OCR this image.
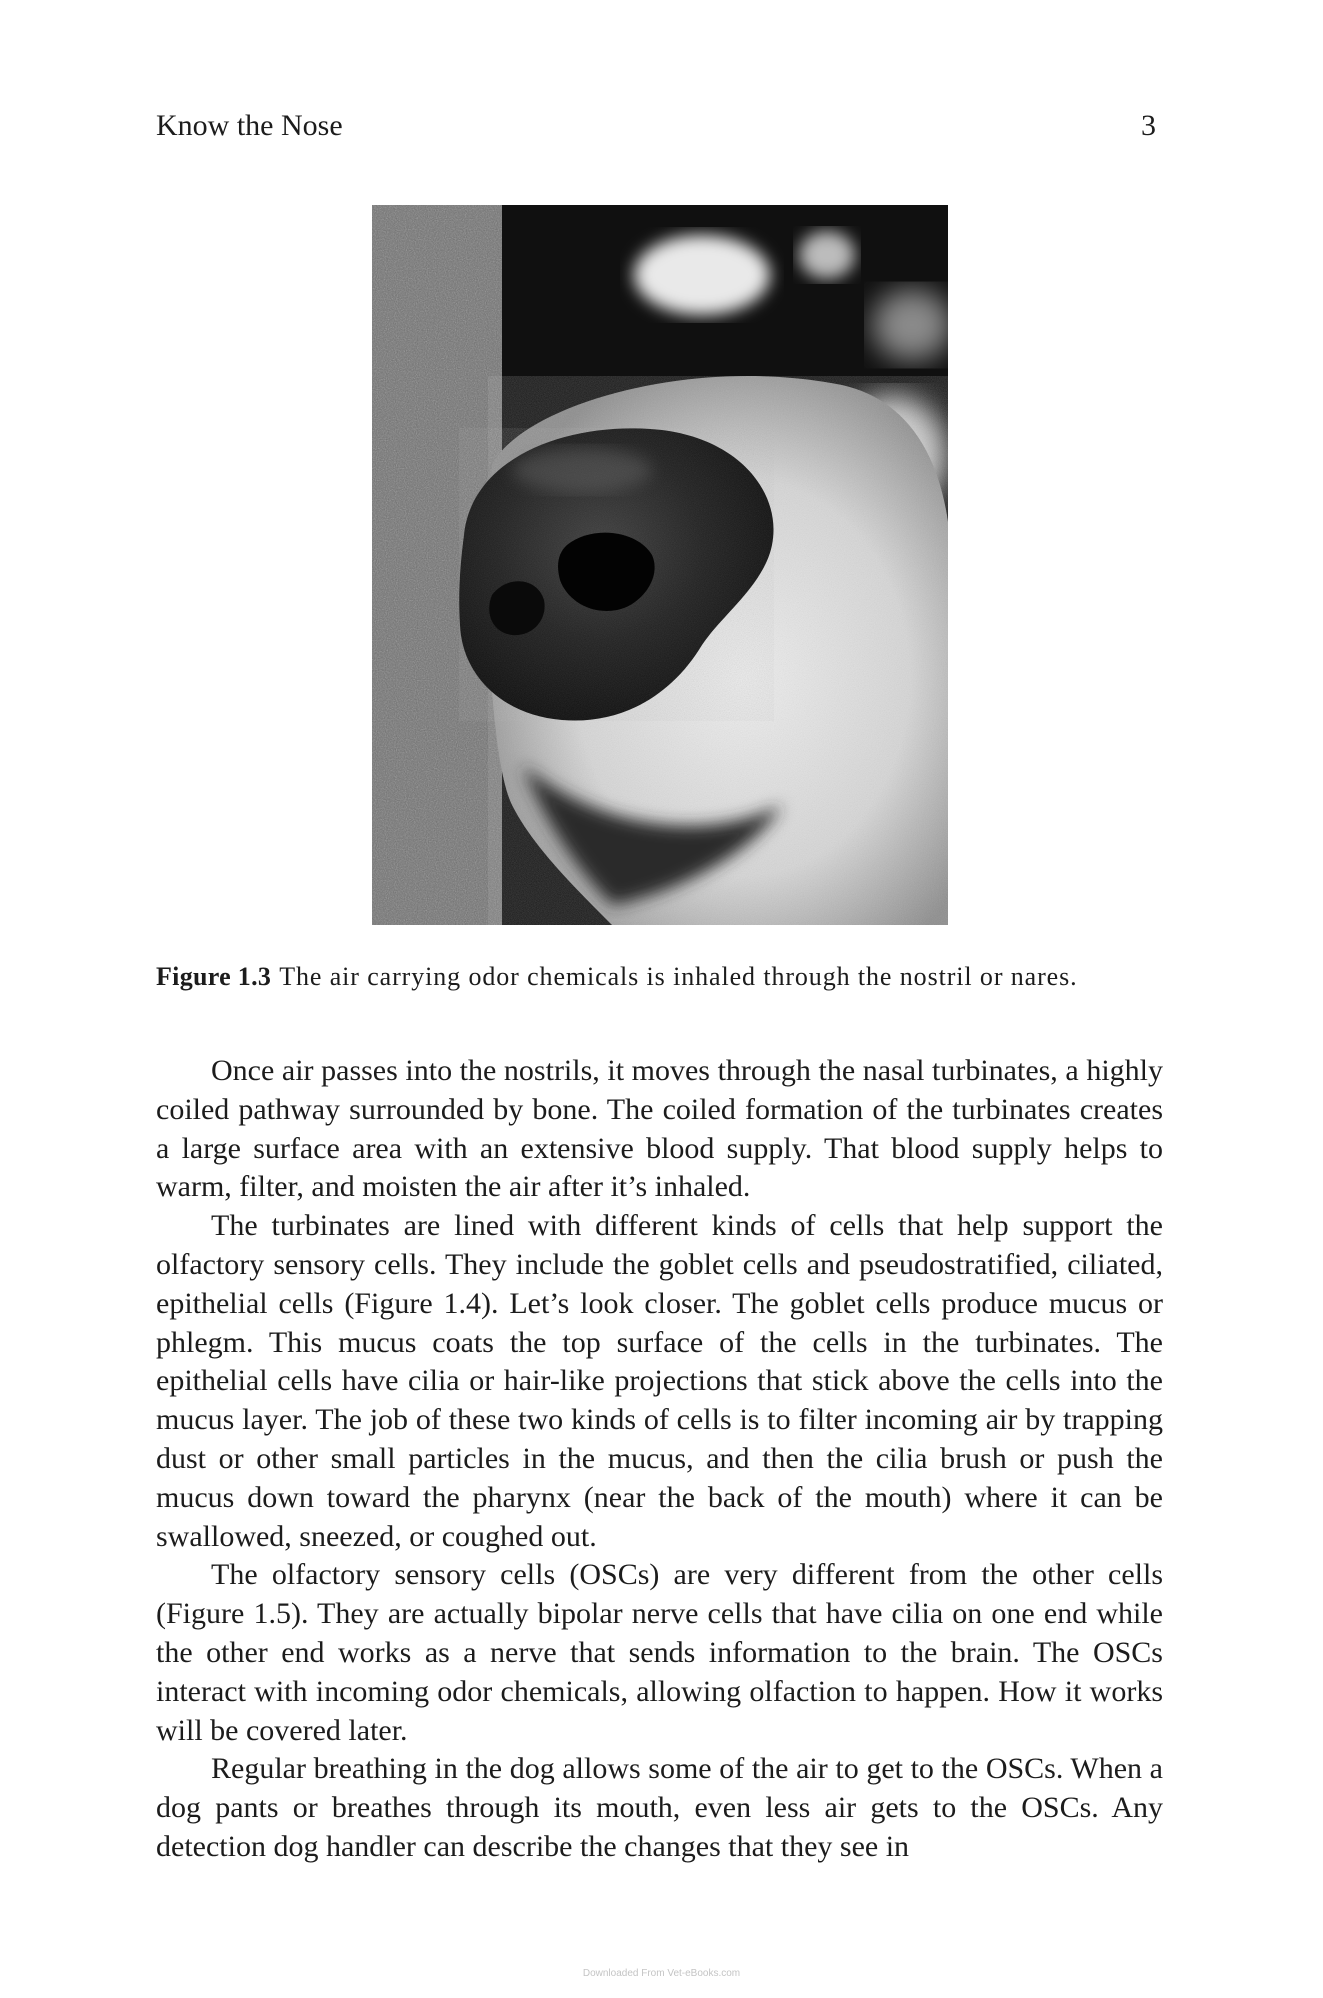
Know the Nose	3
Figure 1.3 The air carrying odor chemicals is inhaled through the nostril or nares.

Once air passes into the nostrils, it moves through the nasal turbinates, a highly coiled pathway surrounded by bone. The coiled formation of the turbinates creates a large surface area with an extensive blood supply. That blood supply helps to warm, filter, and moisten the air after it’s inhaled.

The turbinates are lined with different kinds of cells that help support the olfactory sensory cells. They include the goblet cells and pseudostratified, ciliated, epithelial cells (Figure 1.4). Let’s look closer. The goblet cells produce mucus or phlegm. This mucus coats the top surface of the cells in the turbinates. The epithelial cells have cilia or hair-like projections that stick above the cells into the mucus layer. The job of these two kinds of cells is to filter incoming air by trapping dust or other small particles in the mucus, and then the cilia brush or push the mucus down toward the pharynx (near the back of the mouth) where it can be swallowed, sneezed, or coughed out.

The olfactory sensory cells (OSCs) are very different from the other cells (Figure 1.5). They are actually bipolar nerve cells that have cilia on one end while the other end works as a nerve that sends information to the brain. The OSCs interact with incoming odor chemicals, allowing olfaction to happen. How it works will be covered later.

Regular breathing in the dog allows some of the air to get to the OSCs. When a dog pants or breathes through its mouth, even less air gets to the OSCs. Any detection dog handler can describe the changes that they see in

Downloaded From Vet-eBooks.com
